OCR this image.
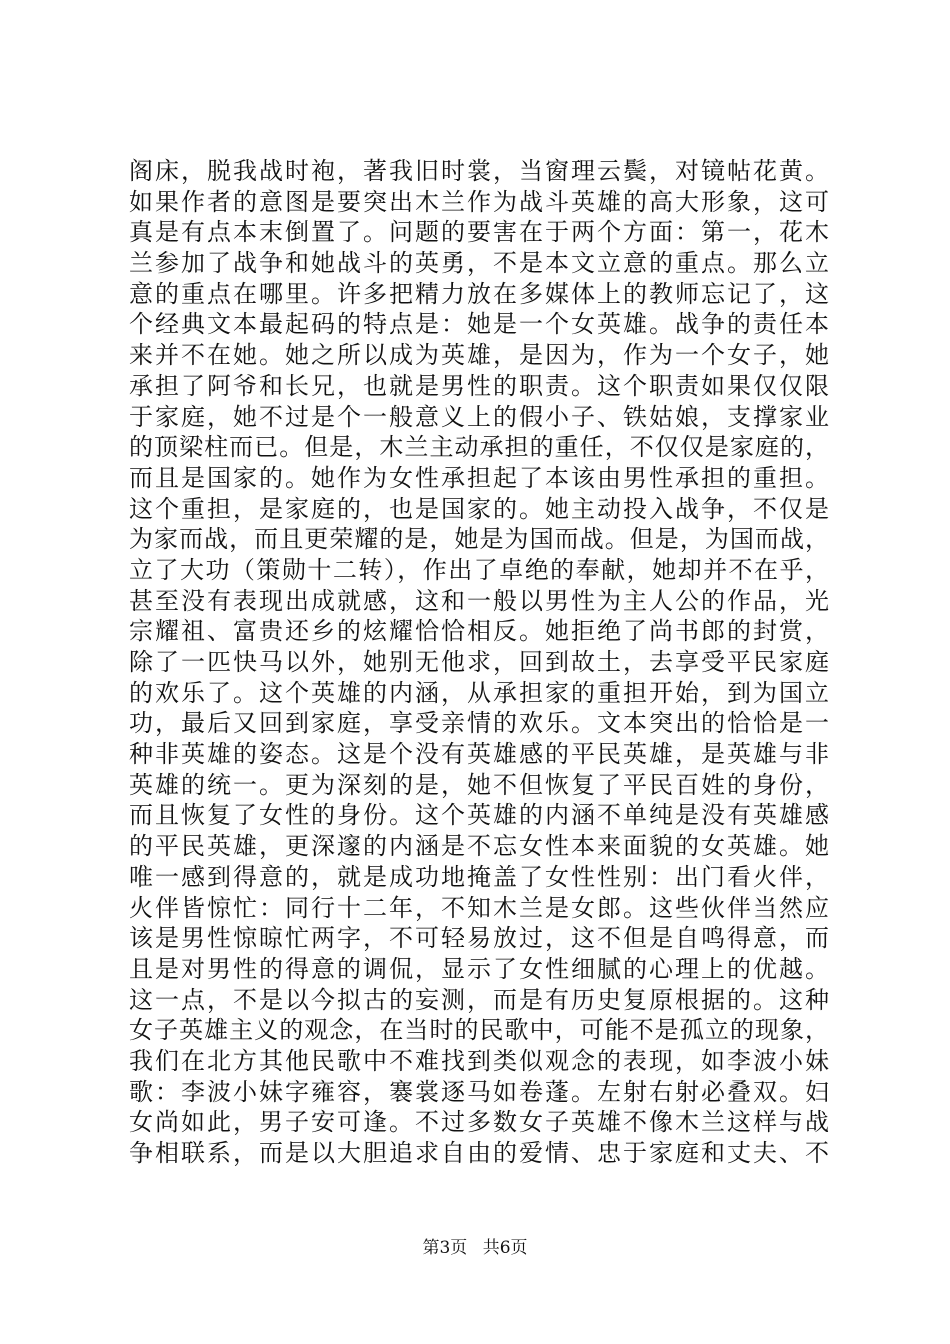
阁床，脱我战时袍，著我旧时裳，当窗理云鬓，对镜帖花黄。
如果作者的意图是要突出木兰作为战斗英雄的高大形象，这可
真是有点本末倒置了。问题的要害在于两个方面：第一，花木
兰参加了战争和她战斗的英勇，不是本文立意的重点。那么立
意的重点在哪里。许多把精力放在多媒体上的教师忘记了，这
个经典文本最起码的特点是：她是一个女英雄。战争的责任本
来并不在她。她之所以成为英雄，是因为，作为一个女子，她
承担了阿爷和长兄，也就是男性的职责。这个职责如果仅仅限
于家庭，她不过是个一般意义上的假小子、铁姑娘，支撑家业
的顶梁柱而已。但是，木兰主动承担的重任，不仅仅是家庭的，
而且是国家的。她作为女性承担起了本该由男性承担的重担。
这个重担，是家庭的，也是国家的。她主动投入战争，不仅是
为家而战，而且更荣耀的是，她是为国而战。但是，为国而战，
立了大功（策勋十二转），作出了卓绝的奉献，她却并不在乎，
甚至没有表现出成就感，这和一般以男性为主人公的作品，光
宗耀祖、富贵还乡的炫耀恰恰相反。她拒绝了尚书郎的封赏，
除了一匹快马以外，她别无他求，回到故土，去享受平民家庭
的欢乐了。这个英雄的内涵，从承担家的重担开始，到为国立
功，最后又回到家庭，享受亲情的欢乐。文本突出的恰恰是一
种非英雄的姿态。这是个没有英雄感的平民英雄，是英雄与非
英雄的统一。更为深刻的是，她不但恢复了平民百姓的身份，
而且恢复了女性的身份。这个英雄的内涵不单纯是没有英雄感
的平民英雄，更深邃的内涵是不忘女性本来面貌的女英雄。她
唯一感到得意的，就是成功地掩盖了女性性别：出门看火伴，
火伴皆惊忙：同行十二年，不知木兰是女郎。这些伙伴当然应
该是男性惊晾忙两字，不可轻易放过，这不但是自鸣得意，而
且是对男性的得意的调侃，显示了女性细腻的心理上的优越。
这一点，不是以今拟古的妄测，而是有历史复原根据的。这种
女子英雄主义的观念，在当时的民歌中，可能不是孤立的现象，
我们在北方其他民歌中不难找到类似观念的表现，如李波小妹
歌：李波小妹字雍容，褰裳逐马如卷蓬。左射右射必叠双。妇
女尚如此，男子安可逢。不过多数女子英雄不像木兰这样与战
争相联系，而是以大胆追求自由的爱情、忠于家庭和丈夫、不
第3页 共6页
